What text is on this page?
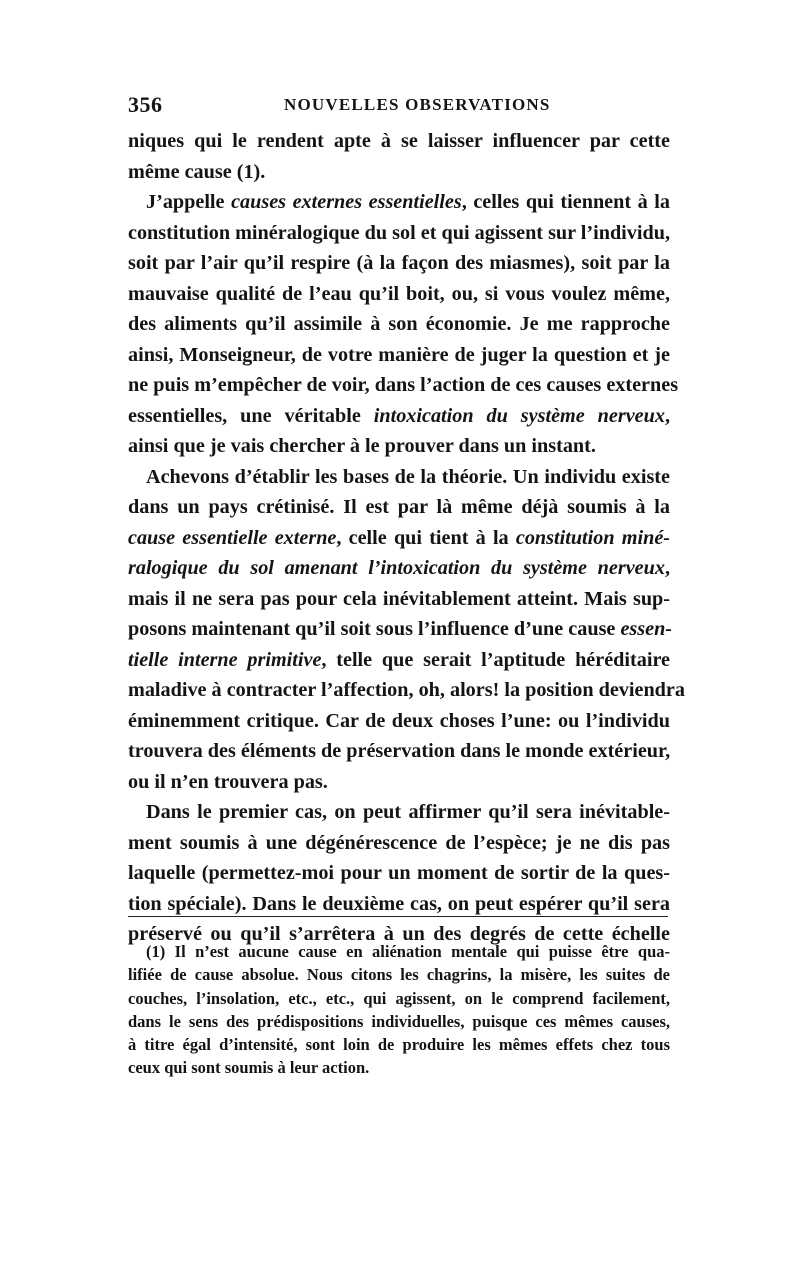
356	NOUVELLES OBSERVATIONS
niques qui le rendent apte à se laisser influencer par cette
même cause (1).
J’appelle causes externes essentielles, celles qui tiennent à la
constitution minéralogique du sol et qui agissent sur l’individu,
soit par l’air qu’il respire (à la façon des miasmes), soit par la
mauvaise qualité de l’eau qu’il boit, ou, si vous voulez même,
des aliments qu’il assimile à son économie. Je me rapproche
ainsi, Monseigneur, de votre manière de juger la question et je
ne puis m’empêcher de voir, dans l’action de ces causes externes
essentielles, une véritable intoxication du système nerveux,
ainsi que je vais chercher à le prouver dans un instant.
Achevons d’établir les bases de la théorie. Un individu existe
dans un pays crétinisé. Il est par là même déjà soumis à la
cause essentielle externe, celle qui tient à la constitution miné-
ralogique du sol amenant l’intoxication du système nerveux,
mais il ne sera pas pour cela inévitablement atteint. Mais sup-
posons maintenant qu’il soit sous l’influence d’une cause essen-
tielle interne primitive, telle que serait l’aptitude héréditaire
maladive à contracter l’affection, oh, alors! la position deviendra
éminemment critique. Car de deux choses l’une: ou l’individu
trouvera des éléments de préservation dans le monde extérieur,
ou il n’en trouvera pas.
Dans le premier cas, on peut affirmer qu’il sera inévitable-
ment soumis à une dégénérescence de l’espèce; je ne dis pas
laquelle (permettez-moi pour un moment de sortir de la ques-
tion spéciale). Dans le deuxième cas, on peut espérer qu’il sera
préservé ou qu’il s’arrêtera à un des degrés de cette échelle
(1) Il n’est aucune cause en aliénation mentale qui puisse être qua-
lifiée de cause absolue. Nous citons les chagrins, la misère, les suites de
couches, l’insolation, etc., etc., qui agissent, on le comprend facilement,
dans le sens des prédispositions individuelles, puisque ces mêmes causes,
à titre égal d’intensité, sont loin de produire les mêmes effets chez tous
ceux qui sont soumis à leur action.
